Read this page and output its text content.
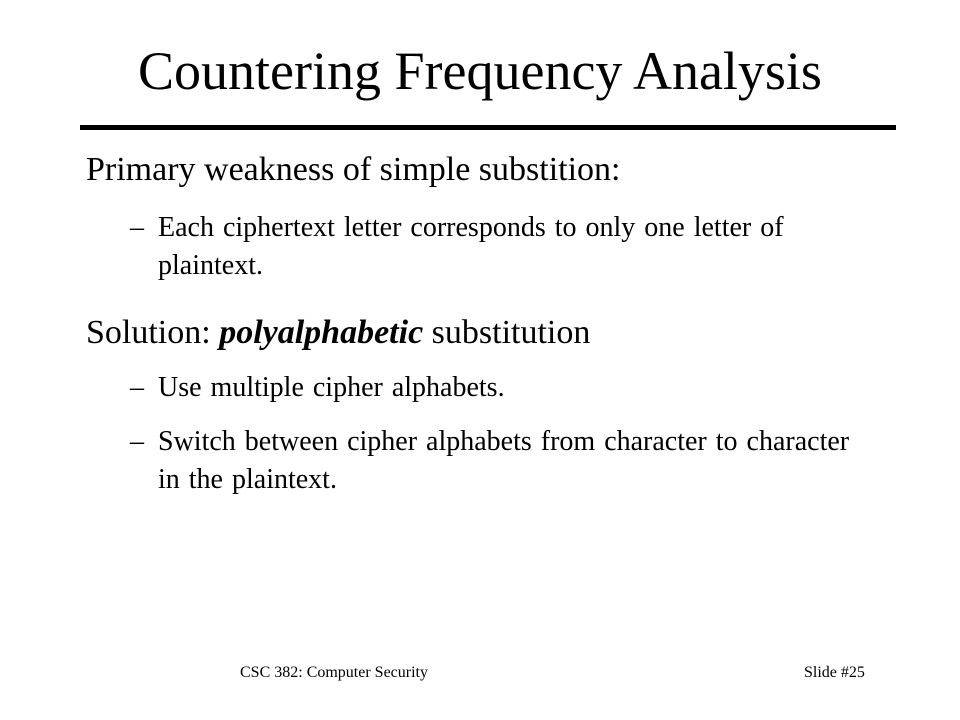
Countering Frequency Analysis
Primary weakness of simple substition:
– Each ciphertext letter corresponds to only one letter of plaintext.
Solution: polyalphabetic substitution
– Use multiple cipher alphabets.
– Switch between cipher alphabets from character to character in the plaintext.
CSC 382: Computer Security	Slide #25
